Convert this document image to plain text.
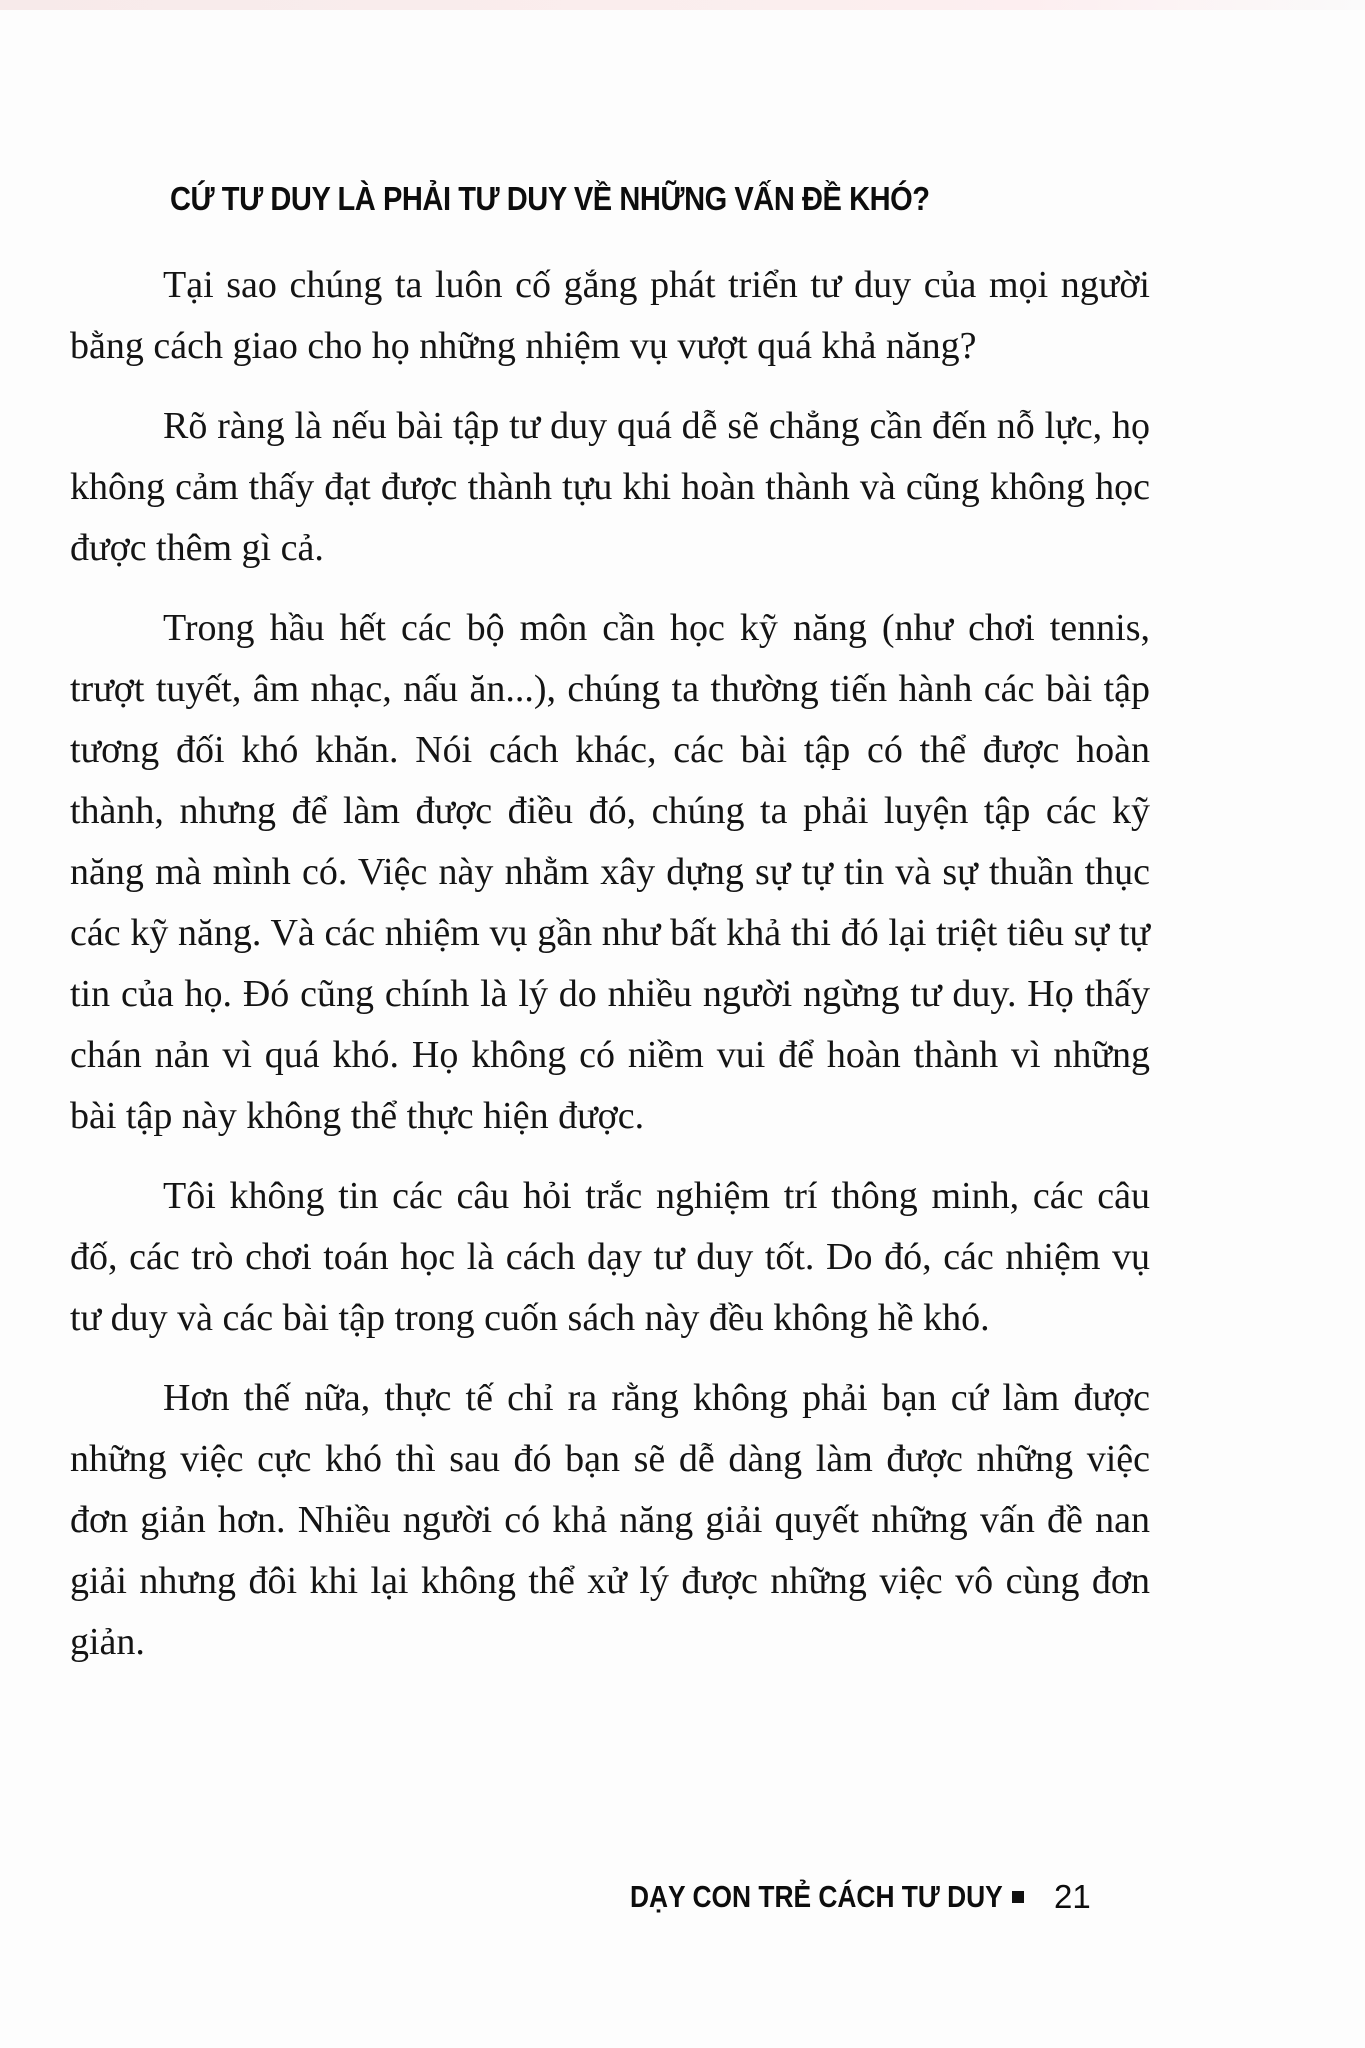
CỨ TƯ DUY LÀ PHẢI TƯ DUY VỀ NHỮNG VẤN ĐỀ KHÓ?

Tại sao chúng ta luôn cố gắng phát triển tư duy của mọi người bằng cách giao cho họ những nhiệm vụ vượt quá khả năng?

Rõ ràng là nếu bài tập tư duy quá dễ sẽ chẳng cần đến nỗ lực, họ không cảm thấy đạt được thành tựu khi hoàn thành và cũng không học được thêm gì cả.

Trong hầu hết các bộ môn cần học kỹ năng (như chơi tennis, trượt tuyết, âm nhạc, nấu ăn...), chúng ta thường tiến hành các bài tập tương đối khó khăn. Nói cách khác, các bài tập có thể được hoàn thành, nhưng để làm được điều đó, chúng ta phải luyện tập các kỹ năng mà mình có. Việc này nhằm xây dựng sự tự tin và sự thuần thục các kỹ năng. Và các nhiệm vụ gần như bất khả thi đó lại triệt tiêu sự tự tin của họ. Đó cũng chính là lý do nhiều người ngừng tư duy. Họ thấy chán nản vì quá khó. Họ không có niềm vui để hoàn thành vì những bài tập này không thể thực hiện được.

Tôi không tin các câu hỏi trắc nghiệm trí thông minh, các câu đố, các trò chơi toán học là cách dạy tư duy tốt. Do đó, các nhiệm vụ tư duy và các bài tập trong cuốn sách này đều không hề khó.

Hơn thế nữa, thực tế chỉ ra rằng không phải bạn cứ làm được những việc cực khó thì sau đó bạn sẽ dễ dàng làm được những việc đơn giản hơn. Nhiều người có khả năng giải quyết những vấn đề nan giải nhưng đôi khi lại không thể xử lý được những việc vô cùng đơn giản.

DẠY CON TRẺ CÁCH TƯ DUY 21
